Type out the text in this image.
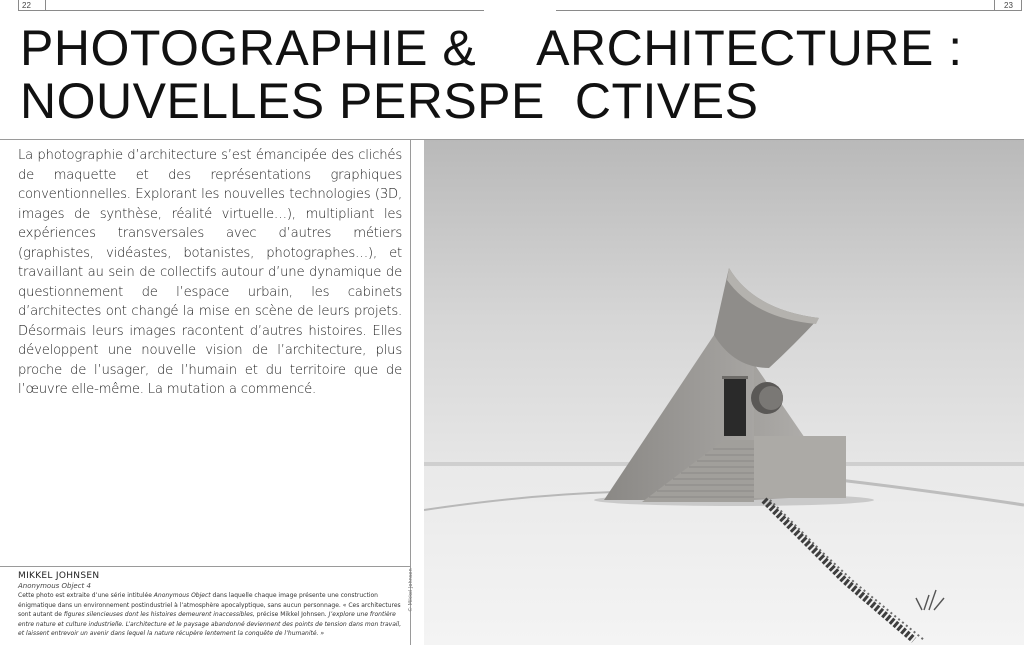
22	23
PHOTOGRAPHIE & ARCHITECTURE :
NOUVELLES PERSPE CTIVES

La photographie d’architecture s’est émancipée des clichés de maquette et des représentations graphiques conventionnelles. Explorant les nouvelles technologies (3D, images de synthèse, réalité virtuelle…), multipliant les expériences transversales avec d’autres métiers (graphistes, vidéastes, botanistes, photographes…), et travaillant au sein de collectifs autour d’une dynamique de questionnement de l’espace urbain, les cabinets d’architectes ont changé la mise en scène de leurs projets. Désormais leurs images racontent d’autres histoires. Elles développent une nouvelle vision de l’architecture, plus proche de l’usager, de l’humain et du territoire que de l’œuvre elle-même. La mutation a commencé.

MIKKEL JOHNSEN
Anonymous Object 4

Cette photo est extraite d’une série intitulée Anonymous Object dans laquelle chaque image présente une construction énigmatique dans un environnement postindustriel à l’atmosphère apocalyptique, sans aucun personnage. « Ces architectures sont autant de figures silencieuses dont les histoires demeurent inaccessibles, précise Mikkel Johnsen. J’explore une frontière entre nature et culture industrielle. L’architecture et le paysage abandonné deviennent des points de tension dans mon travail, et laissent entrevoir un avenir dans lequel la nature récupère lentement la conquête de l’humanité. »

© Mikkel Johnsen
